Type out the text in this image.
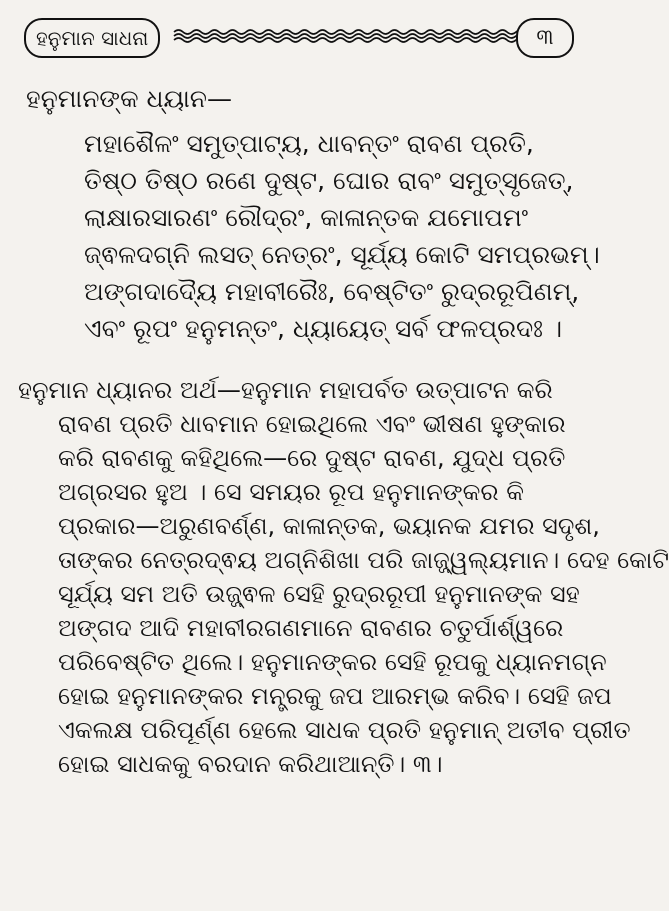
ହନୁମାନ ସାଧନା	୩
ହନୁମାନଙ୍କ ଧ୍ୟାନ—
ମହାଶୈଳଂ ସମୁତ୍ପାଟ୍ୟ, ଧାବନ୍ତଂ ରାବଣ ପ୍ରତି,
ତିଷ୍ଠ ତିଷ୍ଠ ରଣେ ଦୁଷ୍ଟ, ଘୋର ରାବଂ ସମୁତ୍ସୃଜେତ୍,
ଲାକ୍ଷାରସାରଣଂ ରୌଦ୍ରଂ, କାଳାନ୍ତକ ଯମୋପମଂ
ଜ୍ଵଳଦଗ୍ନି ଲସତ୍ ନେତ୍ରଂ, ସୂର୍ଯ୍ୟ କୋଟି ସମପ୍ରଭମ୍।
ଅଙ୍ଗଦାଦ୍ୟୈ ମହାବୀରୈଃ, ବେଷ୍ଟିତଂ ରୁଦ୍ରରୂପିଣମ୍,
ଏବଂ ରୂପଂ ହନୁମନ୍ତଂ, ଧ୍ୟାୟେତ୍ ସର୍ବ ଫଳପ୍ରଦଃ ।
ହନୁମାନ ଧ୍ୟାନର ଅର୍ଥ—ହନୁମାନ ମହାପର୍ବତ ଉତ୍ପାଟନ କରି
ରାବଣ ପ୍ରତି ଧାବମାନ ହୋଇଥିଲେ ଏବଂ ଭୀଷଣ ହୁଙ୍କାର
କରି ରାବଣକୁ କହିଥିଲେ—ରେ ଦୁଷ୍ଟ ରାବଣ, ଯୁଦ୍ଧ ପ୍ରତି
ଅଗ୍ରସର ହୁଅ । ସେ ସମୟର ରୂପ ହନୁମାନଙ୍କର କି
ପ୍ରକାର—ଅରୁଣବର୍ଣ୍ଣ, କାଳାନ୍ତକ, ଭୟାନକ ଯମର ସଦୃଶ,
ତାଙ୍କର ନେତ୍ରଦ୍ଵୟ ଅଗ୍ନିଶିଖା ପରି ଜାଜ୍ଜ୍ୱଲ୍ୟମାନ। ଦେହ କୋଟି
ସୂର୍ଯ୍ୟ ସମ ଅତି ଉଜ୍ଜ୍ଵଳ ସେହି ରୁଦ୍ରରୂପୀ ହନୁମାନଙ୍କ ସହ
ଅଙ୍ଗଦ ଆଦି ମହାବୀରଗଣମାନେ ରାବଣର ଚତୁର୍ପାର୍ଶ୍ୱରେ
ପରିବେଷ୍ଟିତ ଥିଲେ। ହନୁମାନଙ୍କର ସେହି ରୂପକୁ ଧ୍ୟାନମଗ୍ନ
ହୋଇ ହନୁମାନଙ୍କର ମନ୍ତ୍ରକୁ ଜପ ଆରମ୍ଭ କରିବ। ସେହି ଜପ
ଏକଲକ୍ଷ ପରିପୂର୍ଣ୍ଣ ହେଲେ ସାଧକ ପ୍ରତି ହନୁମାନ୍ ଅତୀବ ପ୍ରୀତ
ହୋଇ ସାଧକକୁ ବରଦାନ କରିଥାଆନ୍ତି। ୩।
